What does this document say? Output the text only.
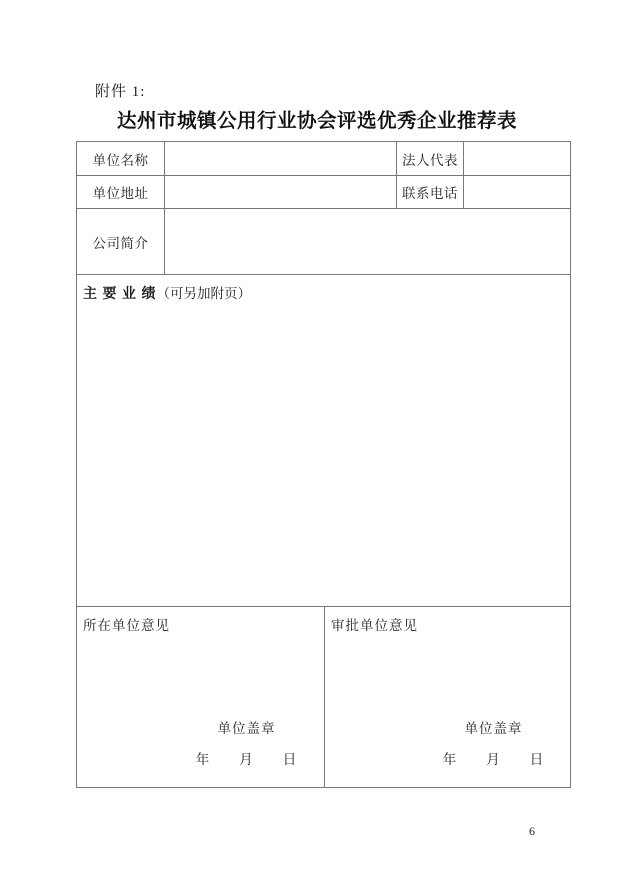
附件 1:
达州市城镇公用行业协会评选优秀企业推荐表
单位名称	法人代表
单位地址	联系电话
公司简介
主 要 业 绩（可另加附页）
所在单位意见
单位盖章
年　　月　　日
审批单位意见
单位盖章
年　　月　　日
6
